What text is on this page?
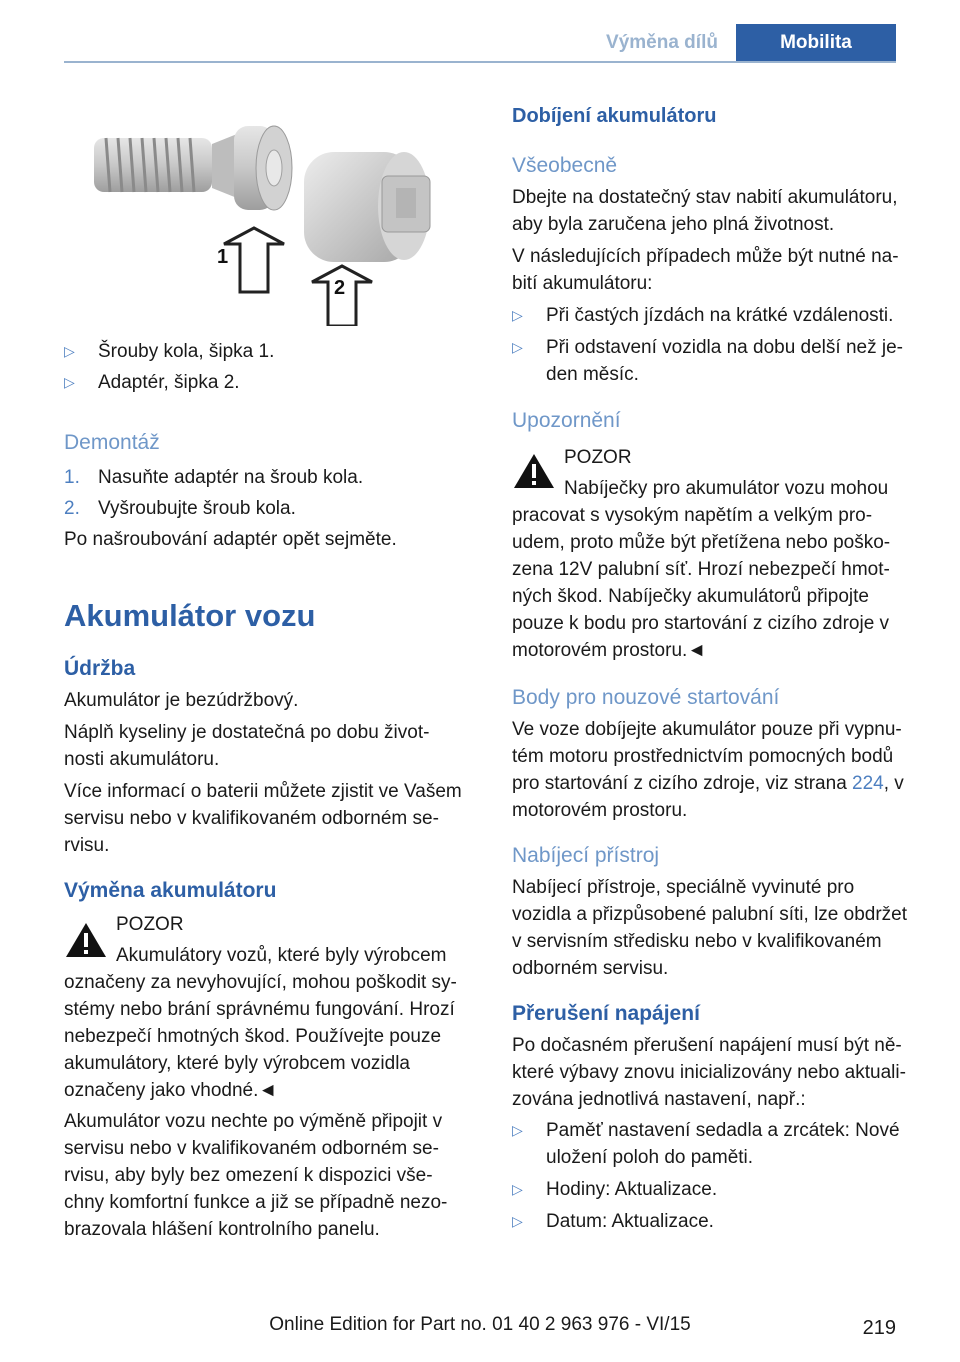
Výměna dílů	Mobilita
1
2
▷ Šrouby kola, šipka 1.
▷ Adaptér, šipka 2.
Demontáž
1. Nasuňte adaptér na šroub kola.
2. Vyšroubujte šroub kola.

Po našroubování adaptér opět sejměte.

Akumulátor vozu
Údržba

Akumulátor je bezúdržbový.

Náplň kyseliny je dostatečná po dobu život-

nosti akumulátoru.

Více informací o baterii můžete zjistit ve Vašem

servisu nebo v kvalifikovaném odborném se-

rvisu.

Výměna akumulátoru

POZOR

Akumulátory vozů, které byly výrobcem

označeny za nevyhovující, mohou poškodit sy-

stémy nebo brání správnému fungování. Hrozí

nebezpečí hmotných škod. Používejte pouze

akumulátory, které byly výrobcem vozidla

označeny jako vhodné.◄

Akumulátor vozu nechte po výměně připojit v

servisu nebo v kvalifikovaném odborném se-

rvisu, aby byly bez omezení k dispozici vše-

chny komfortní funkce a již se případně nezo-

brazovala hlášení kontrolního panelu.

Dobíjení akumulátoru
Všeobecně

Dbejte na dostatečný stav nabití akumulátoru,

aby byla zaručena jeho plná životnost.

V následujících případech může být nutné na-

bití akumulátoru:

▷ Při častých jízdách na krátké vzdálenosti.
▷ Při odstavení vozidla na dobu delší než je-
den měsíc.
Upozornění

POZOR

Nabíječky pro akumulátor vozu mohou

pracovat s vysokým napětím a velkým pro-

udem, proto může být přetížena nebo poško-

zena 12V palubní síť. Hrozí nebezpečí hmot-

ných škod. Nabíječky akumulátorů připojte

pouze k bodu pro startování z cizího zdroje v

motorovém prostoru.◄

Body pro nouzové startování

Ve voze dobíjejte akumulátor pouze při vypnu-

tém motoru prostřednictvím pomocných bodů

pro startování z cizího zdroje, viz strana 224, v

motorovém prostoru.

Nabíjecí přístroj

Nabíjecí přístroje, speciálně vyvinuté pro

vozidla a přizpůsobené palubní síti, lze obdržet

v servisním středisku nebo v kvalifikovaném

odborném servisu.

Přerušení napájení

Po dočasném přerušení napájení musí být ně-

které výbavy znovu inicializovány nebo aktuali-

zována jednotlivá nastavení, např.:

▷ Paměť nastavení sedadla a zrcátek: Nové
uložení poloh do paměti.
▷ Hodiny: Aktualizace.
▷ Datum: Aktualizace.
219
Online Edition for Part no. 01 40 2 963 976 - VI/15
